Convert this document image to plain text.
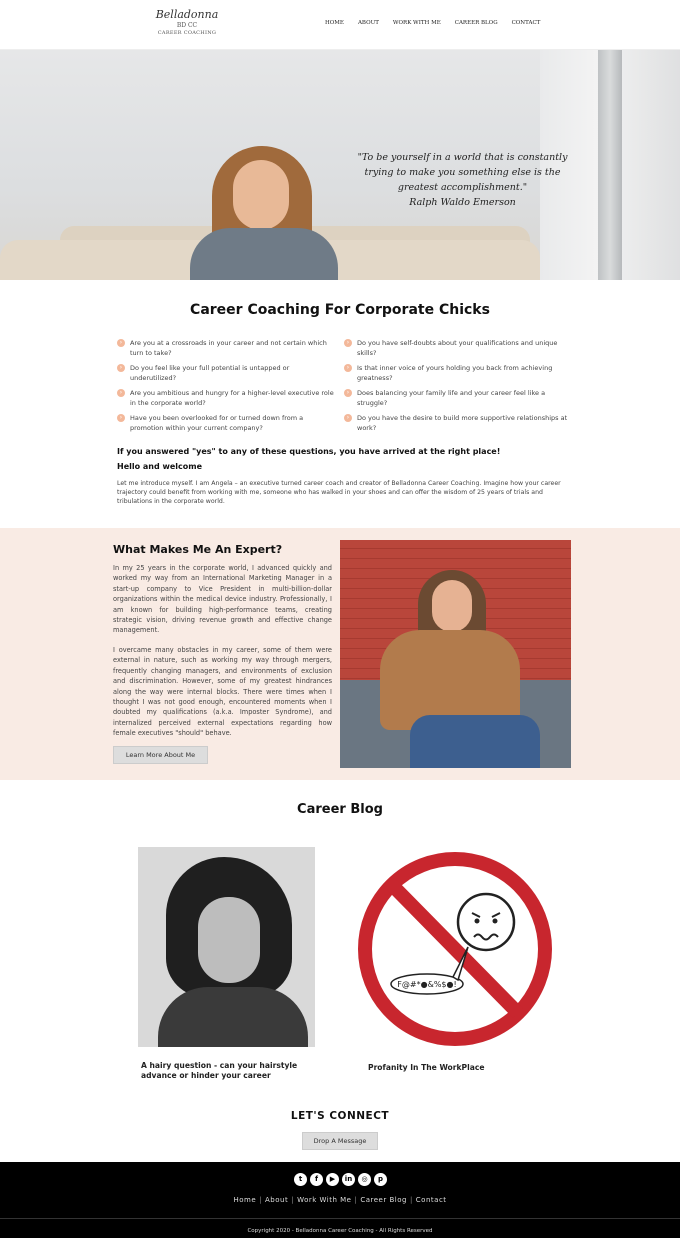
Belladonna
BD CC
CAREER COACHING
HOME	ABOUT	WORK WITH ME	CAREER BLOG	CONTACT
"To be yourself in a world that is constantly
trying to make you something else is the
greatest accomplishment."
Ralph Waldo Emerson
Career Coaching For Corporate Chicks
›	Are you at a crossroads in your career and not certain which turn to take?
›	Do you feel like your full potential is untapped or underutilized?
›	Are you ambitious and hungry for a higher-level executive role in the corporate world?
›	Have you been overlooked for or turned down from a promotion within your current company?
›	Do you have self-doubts about your qualifications and unique skills?
›	Is that inner voice of yours holding you back from achieving greatness?
›	Does balancing your family life and your career feel like a struggle?
›	Do you have the desire to build more supportive relationships at work?
If you answered "yes" to any of these questions, you have arrived at the right place!
Hello and welcome
Let me introduce myself. I am Angela – an executive turned career coach and creator of Belladonna Career Coaching. Imagine how your career trajectory could benefit from working with me, someone who has walked in your shoes and can offer the wisdom of 25 years of trials and tribulations in the corporate world.
What Makes Me An Expert?
In my 25 years in the corporate world, I advanced quickly and worked my way from an International Marketing Manager in a start-up company to Vice President in multi-billion-dollar organizations within the medical device industry. Professionally, I am known for building high-performance teams, creating strategic vision, driving revenue growth and effective change management.
I overcame many obstacles in my career, some of them were external in nature, such as working my way through mergers, frequently changing managers, and environments of exclusion and discrimination. However, some of my greatest hindrances along the way were internal blocks. There were times when I thought I was not good enough, encountered moments when I doubted my qualifications (a.k.a. Imposter Syndrome), and internalized perceived external expectations regarding how female executives "should" behave.
Learn More About Me
Career Blog
F@#*●&%$●!
A hairy question - can your hairstyle advance or hinder your career
Profanity In The WorkPlace
LET'S CONNECT
Drop A Message
t	f	▶	in	◎	p
Home | About | Work With Me | Career Blog | Contact
Copyright 2020 - Belladonna Career Coaching - All Rights Reserved
